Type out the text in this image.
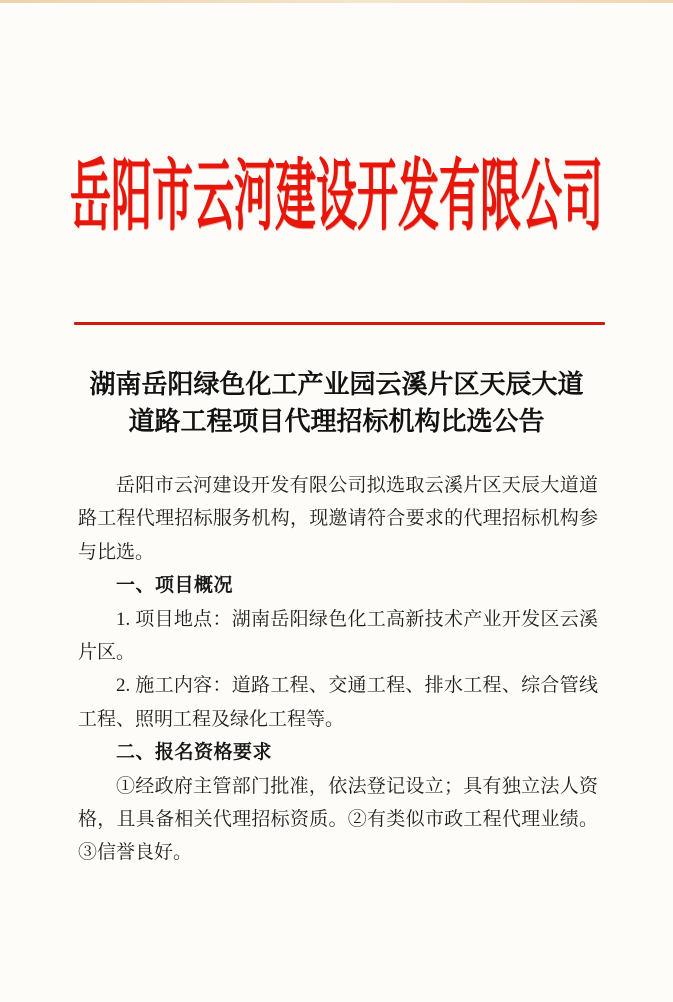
岳阳市云河建设开发有限公司
湖南岳阳绿色化工产业园云溪片区天辰大道
道路工程项目代理招标机构比选公告

岳阳市云河建设开发有限公司拟选取云溪片区天辰大道道路工程代理招标服务机构，现邀请符合要求的代理招标机构参与比选。

一、项目概况

1. 项目地点：湖南岳阳绿色化工高新技术产业开发区云溪片区。

2. 施工内容：道路工程、交通工程、排水工程、综合管线工程、照明工程及绿化工程等。

二、报名资格要求

①经政府主管部门批准，依法登记设立；具有独立法人资格，且具备相关代理招标资质。②有类似市政工程代理业绩。③信誉良好。
